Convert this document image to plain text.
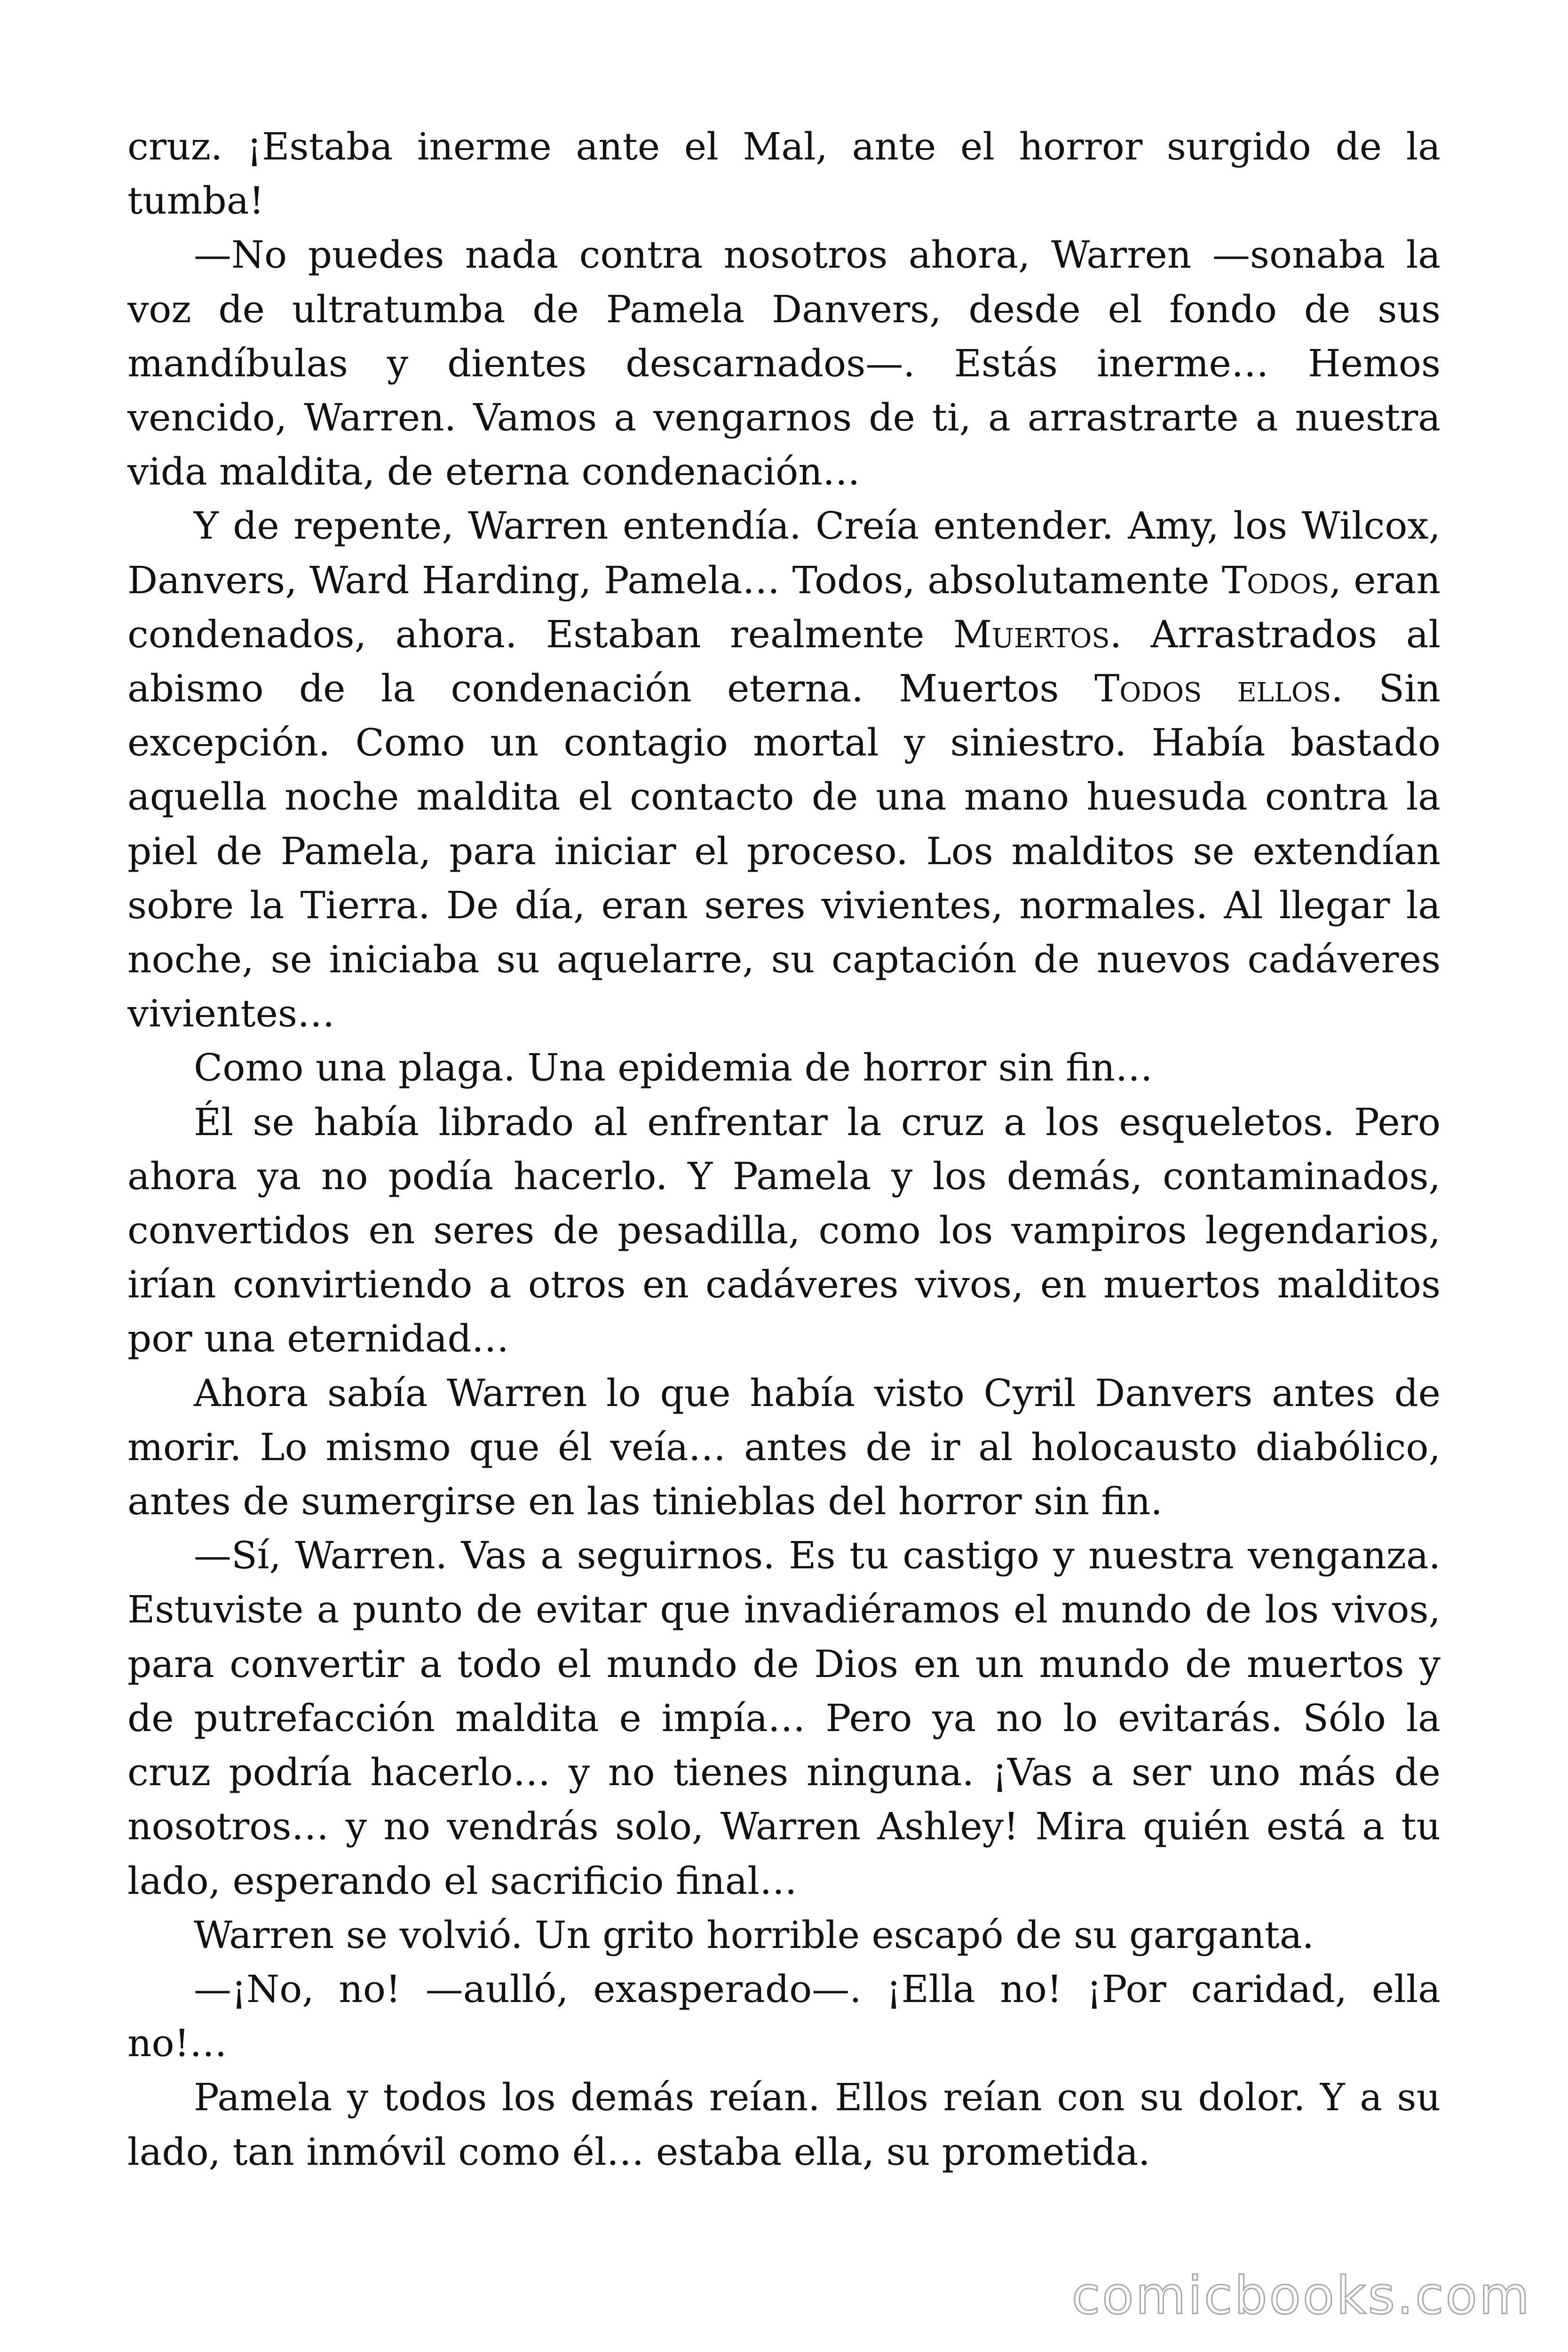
cruz. ¡Estaba inerme ante el Mal, ante el horror surgido de la tumba!

—No puedes nada contra nosotros ahora, Warren —sonaba la voz de ultratumba de Pamela Danvers, desde el fondo de sus mandíbulas y dientes descarnados—. Estás inerme… Hemos vencido, Warren. Vamos a vengarnos de ti, a arrastrarte a nuestra vida maldita, de eterna condenación…

Y de repente, Warren entendía. Creía entender. Amy, los Wilcox, Danvers, Ward Harding, Pamela… Todos, absolutamente Todos, eran condenados, ahora. Estaban realmente Muertos. Arrastrados al abismo de la condenación eterna. Muertos Todos ellos. Sin excepción. Como un contagio mortal y siniestro. Había bastado aquella noche maldita el contacto de una mano huesuda contra la piel de Pamela, para iniciar el proceso. Los malditos se extendían sobre la Tierra. De día, eran seres vivientes, normales. Al llegar la noche, se iniciaba su aquelarre, su captación de nuevos cadáveres vivientes…

Como una plaga. Una epidemia de horror sin fin…

Él se había librado al enfrentar la cruz a los esqueletos. Pero ahora ya no podía hacerlo. Y Pamela y los demás, contaminados, convertidos en seres de pesadilla, como los vampiros legendarios, irían convirtiendo a otros en cadáveres vivos, en muertos malditos por una eternidad…

Ahora sabía Warren lo que había visto Cyril Danvers antes de morir. Lo mismo que él veía… antes de ir al holocausto diabólico, antes de sumergirse en las tinieblas del horror sin fin.

—Sí, Warren. Vas a seguirnos. Es tu castigo y nuestra venganza. Estuviste a punto de evitar que invadiéramos el mundo de los vivos, para convertir a todo el mundo de Dios en un mundo de muertos y de putrefacción maldita e impía… Pero ya no lo evitarás. Sólo la cruz podría hacerlo… y no tienes ninguna. ¡Vas a ser uno más de nosotros… y no vendrás solo, Warren Ashley! Mira quién está a tu lado, esperando el sacrificio final…

Warren se volvió. Un grito horrible escapó de su garganta.

—¡No, no! —aulló, exasperado—. ¡Ella no! ¡Por caridad, ella no!…

Pamela y todos los demás reían. Ellos reían con su dolor. Y a su lado, tan inmóvil como él… estaba ella, su prometida.

comicbooks.com
